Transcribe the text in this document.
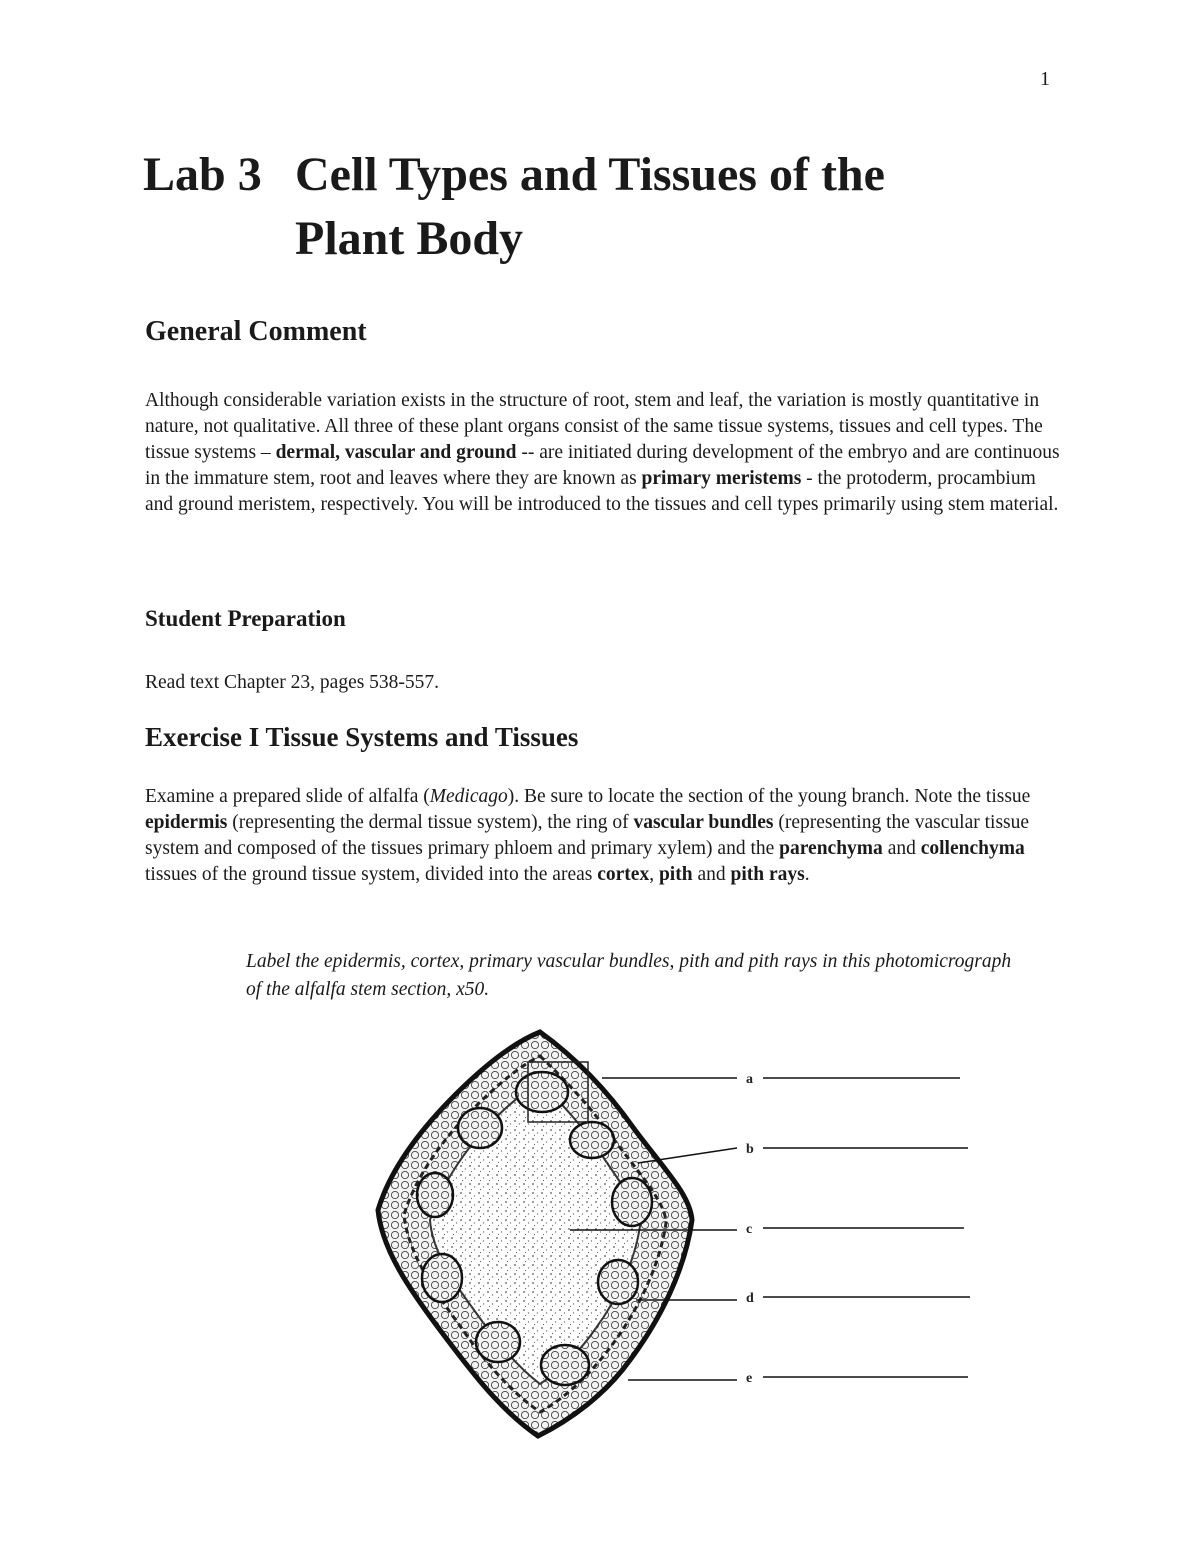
1
Lab 3 Cell Types and Tissues of the
Plant Body
General Comment

Although considerable variation exists in the structure of root, stem and leaf, the variation is mostly quantitative in nature, not qualitative. All three of these plant organs consist of the same tissue systems, tissues and cell types. The tissue systems – dermal, vascular and ground -- are initiated during development of the embryo and are continuous in the immature stem, root and leaves where they are known as primary meristems - the protoderm, procambium and ground meristem, respectively. You will be introduced to the tissues and cell types primarily using stem material.

Student Preparation

Read text Chapter 23, pages 538-557.

Exercise I Tissue Systems and Tissues

Examine a prepared slide of alfalfa (Medicago). Be sure to locate the section of the young branch. Note the tissue epidermis (representing the dermal tissue system), the ring of vascular bundles (representing the vascular tissue system and composed of the tissues primary phloem and primary xylem) and the parenchyma and collenchyma tissues of the ground tissue system, divided into the areas cortex, pith and pith rays.

Label the epidermis, cortex, primary vascular bundles, pith and pith rays in this photomicrograph of the alfalfa stem section, x50.

a
b
c
d
e
